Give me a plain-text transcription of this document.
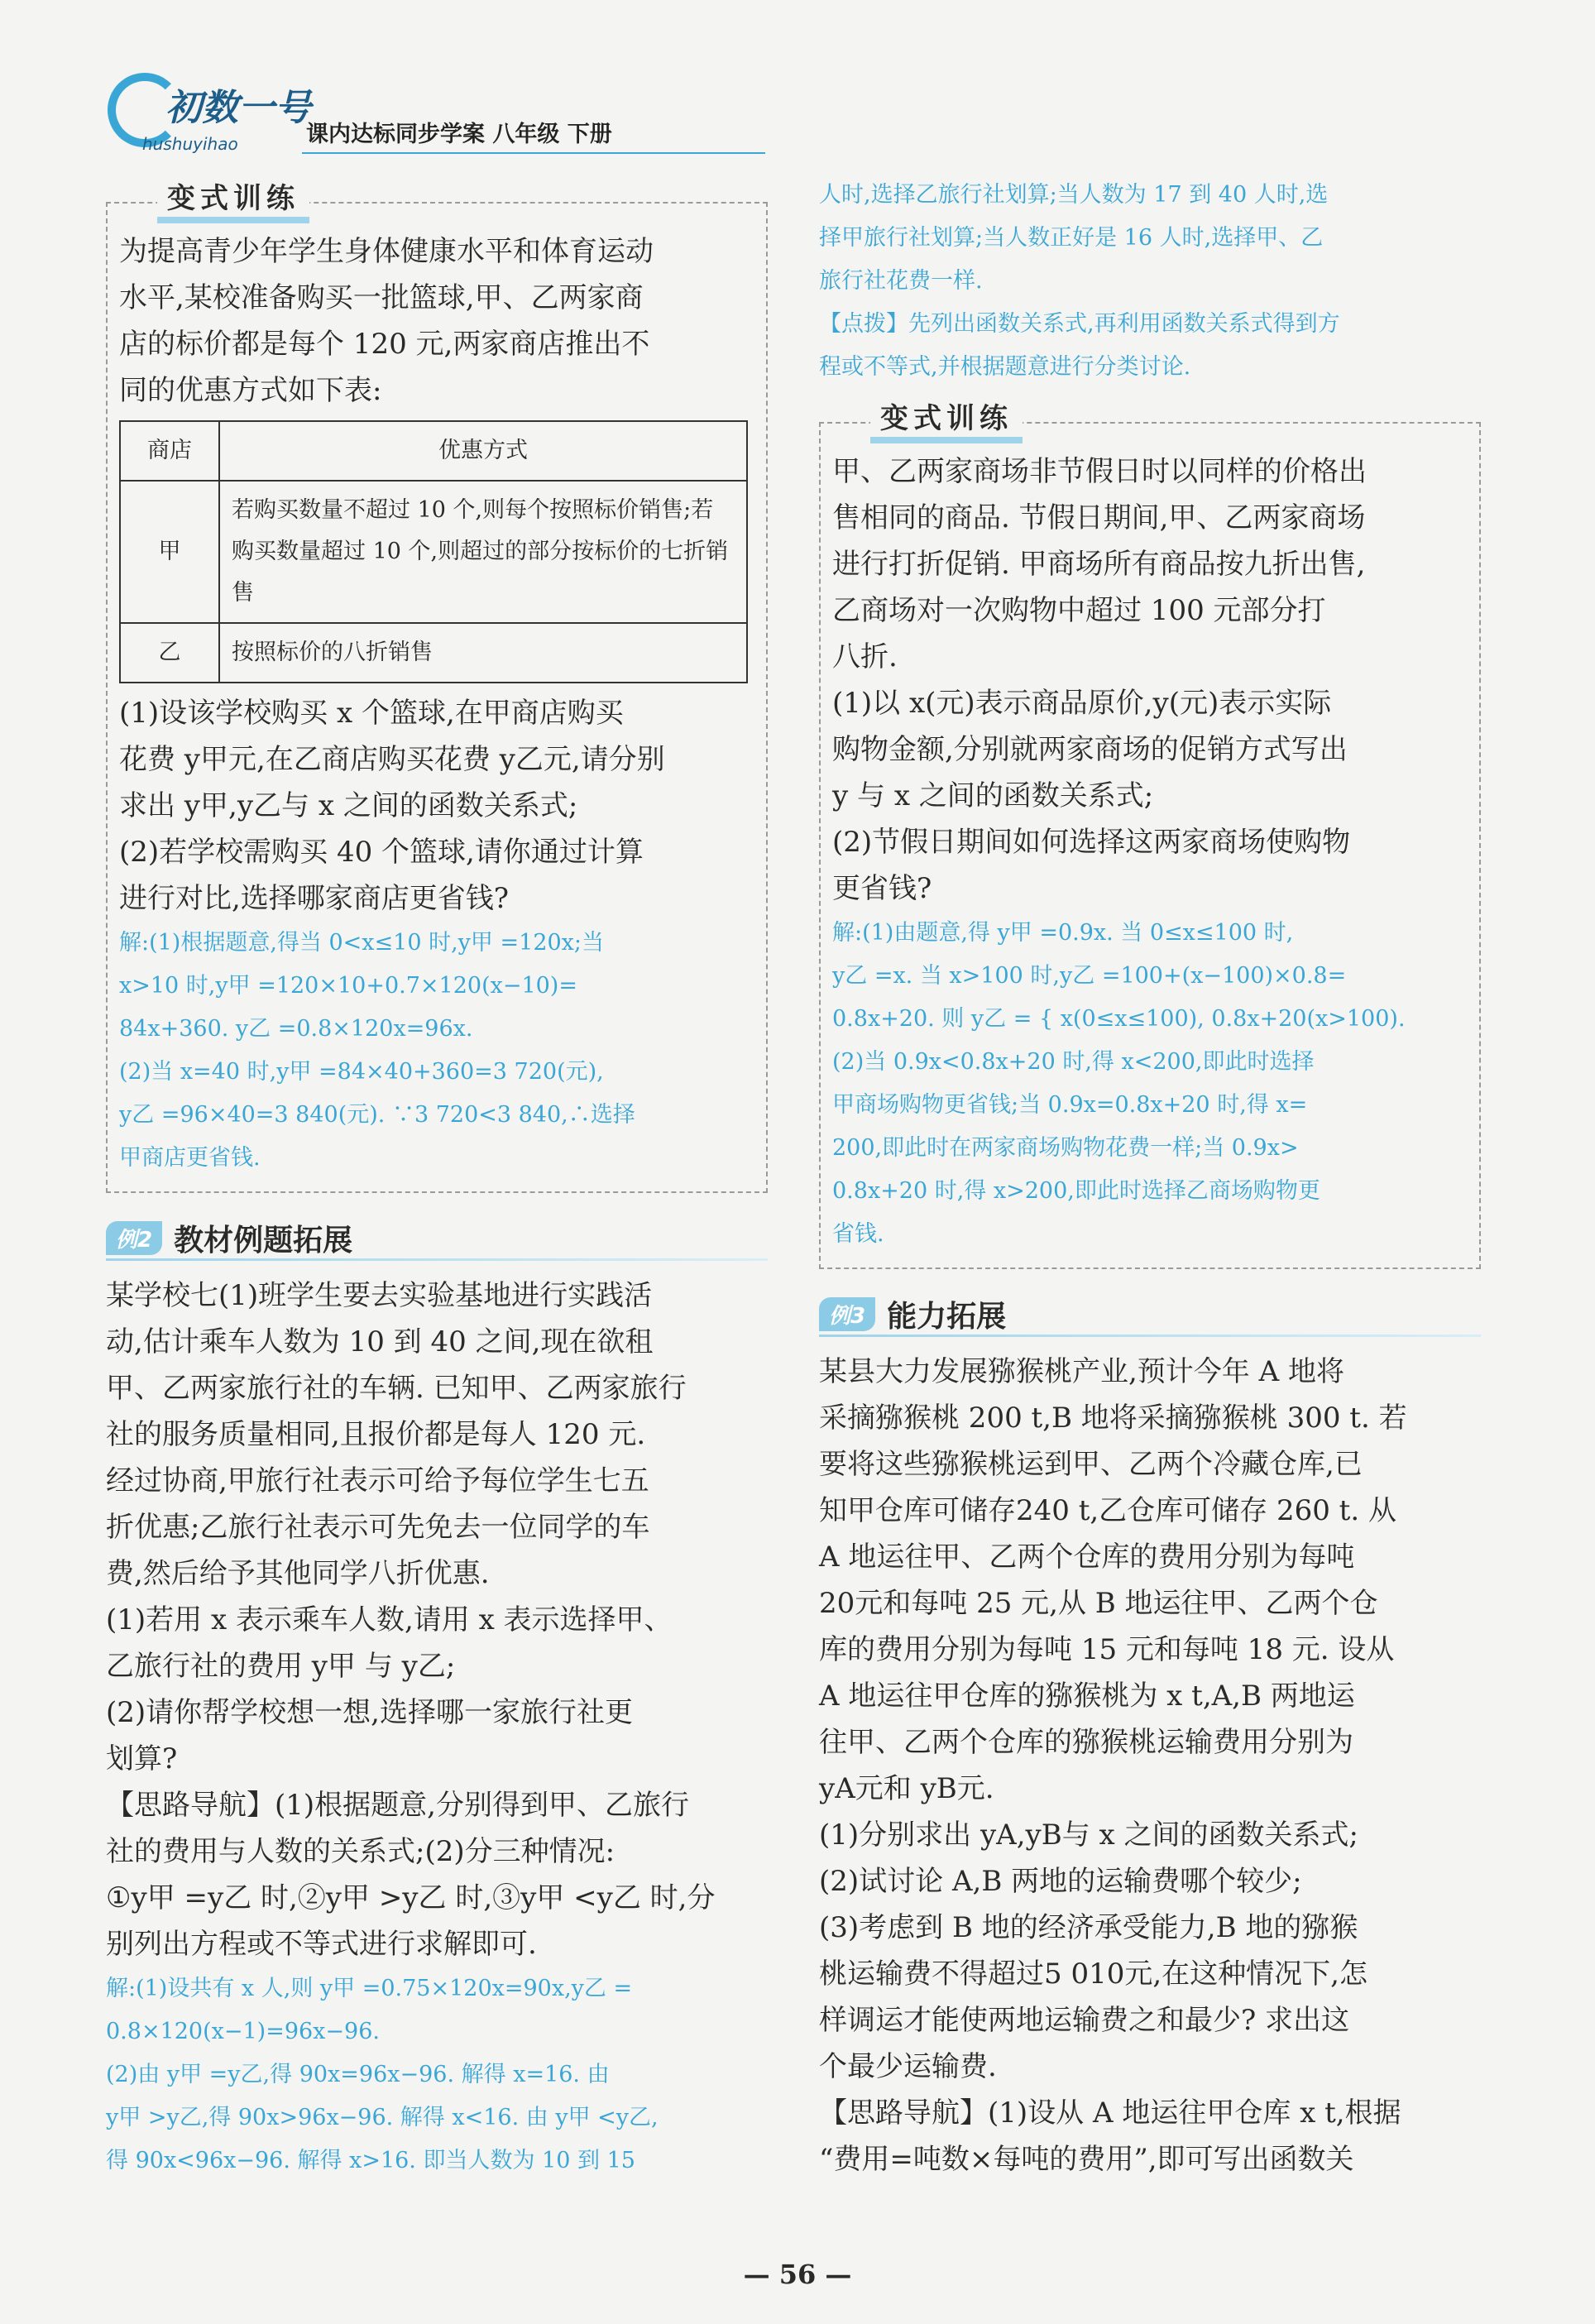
初数一号
hushuyihao	课内达标同步学案 八年级 下册
变式训练

为提高青少年学生身体健康水平和体育运动

水平,某校准备购买一批篮球,甲、乙两家商

店的标价都是每个 120 元,两家商店推出不

同的优惠方式如下表:

商店	优惠方式
甲	若购买数量不超过 10 个,则每个按照标价销售;若购买数量超过 10 个,则超过的部分按标价的七折销售
乙	按照标价的八折销售

(1)设该学校购买 x 个篮球,在甲商店购买

花费 y甲元,在乙商店购买花费 y乙元,请分别

求出 y甲,y乙与 x 之间的函数关系式;

(2)若学校需购买 40 个篮球,请你通过计算

进行对比,选择哪家商店更省钱?

解:(1)根据题意,得当 0<x≤10 时,y甲 =120x;当

x>10 时,y甲 =120×10+0.7×120(x−10)=

84x+360. y乙 =0.8×120x=96x.

(2)当 x=40 时,y甲 =84×40+360=3 720(元),

y乙 =96×40=3 840(元). ∵3 720<3 840,∴选择

甲商店更省钱.

例2 教材例题拓展

某学校七(1)班学生要去实验基地进行实践活

动,估计乘车人数为 10 到 40 之间,现在欲租

甲、乙两家旅行社的车辆. 已知甲、乙两家旅行

社的服务质量相同,且报价都是每人 120 元.

经过协商,甲旅行社表示可给予每位学生七五

折优惠;乙旅行社表示可先免去一位同学的车

费,然后给予其他同学八折优惠.

(1)若用 x 表示乘车人数,请用 x 表示选择甲、

乙旅行社的费用 y甲 与 y乙;

(2)请你帮学校想一想,选择哪一家旅行社更

划算?

【思路导航】(1)根据题意,分别得到甲、乙旅行

社的费用与人数的关系式;(2)分三种情况:

①y甲 =y乙 时,②y甲 >y乙 时,③y甲 <y乙 时,分

别列出方程或不等式进行求解即可.

解:(1)设共有 x 人,则 y甲 =0.75×120x=90x,y乙 =

0.8×120(x−1)=96x−96.

(2)由 y甲 =y乙,得 90x=96x−96. 解得 x=16. 由

y甲 >y乙,得 90x>96x−96. 解得 x<16. 由 y甲 <y乙,

得 90x<96x−96. 解得 x>16. 即当人数为 10 到 15

人时,选择乙旅行社划算;当人数为 17 到 40 人时,选

择甲旅行社划算;当人数正好是 16 人时,选择甲、乙

旅行社花费一样.

【点拨】先列出函数关系式,再利用函数关系式得到方

程或不等式,并根据题意进行分类讨论.

变式训练

甲、乙两家商场非节假日时以同样的价格出

售相同的商品. 节假日期间,甲、乙两家商场

进行打折促销. 甲商场所有商品按九折出售,

乙商场对一次购物中超过 100 元部分打

八折.

(1)以 x(元)表示商品原价,y(元)表示实际

购物金额,分别就两家商场的促销方式写出

y 与 x 之间的函数关系式;

(2)节假日期间如何选择这两家商场使购物

更省钱?

解:(1)由题意,得 y甲 =0.9x. 当 0≤x≤100 时,

y乙 =x. 当 x>100 时,y乙 =100+(x−100)×0.8=

0.8x+20. 则 y乙 = { x(0≤x≤100), 0.8x+20(x>100).

(2)当 0.9x<0.8x+20 时,得 x<200,即此时选择

甲商场购物更省钱;当 0.9x=0.8x+20 时,得 x=

200,即此时在两家商场购物花费一样;当 0.9x>

0.8x+20 时,得 x>200,即此时选择乙商场购物更

省钱.

例3 能力拓展

某县大力发展猕猴桃产业,预计今年 A 地将

采摘猕猴桃 200 t,B 地将采摘猕猴桃 300 t. 若

要将这些猕猴桃运到甲、乙两个冷藏仓库,已

知甲仓库可储存240 t,乙仓库可储存 260 t. 从

A 地运往甲、乙两个仓库的费用分别为每吨

20元和每吨 25 元,从 B 地运往甲、乙两个仓

库的费用分别为每吨 15 元和每吨 18 元. 设从

A 地运往甲仓库的猕猴桃为 x t,A,B 两地运

往甲、乙两个仓库的猕猴桃运输费用分别为

yA元和 yB元.

(1)分别求出 yA,yB与 x 之间的函数关系式;

(2)试讨论 A,B 两地的运输费哪个较少;

(3)考虑到 B 地的经济承受能力,B 地的猕猴

桃运输费不得超过5 010元,在这种情况下,怎

样调运才能使两地运输费之和最少? 求出这

个最少运输费.

【思路导航】(1)设从 A 地运往甲仓库 x t,根据

“费用=吨数×每吨的费用”,即可写出函数关

— 56 —
